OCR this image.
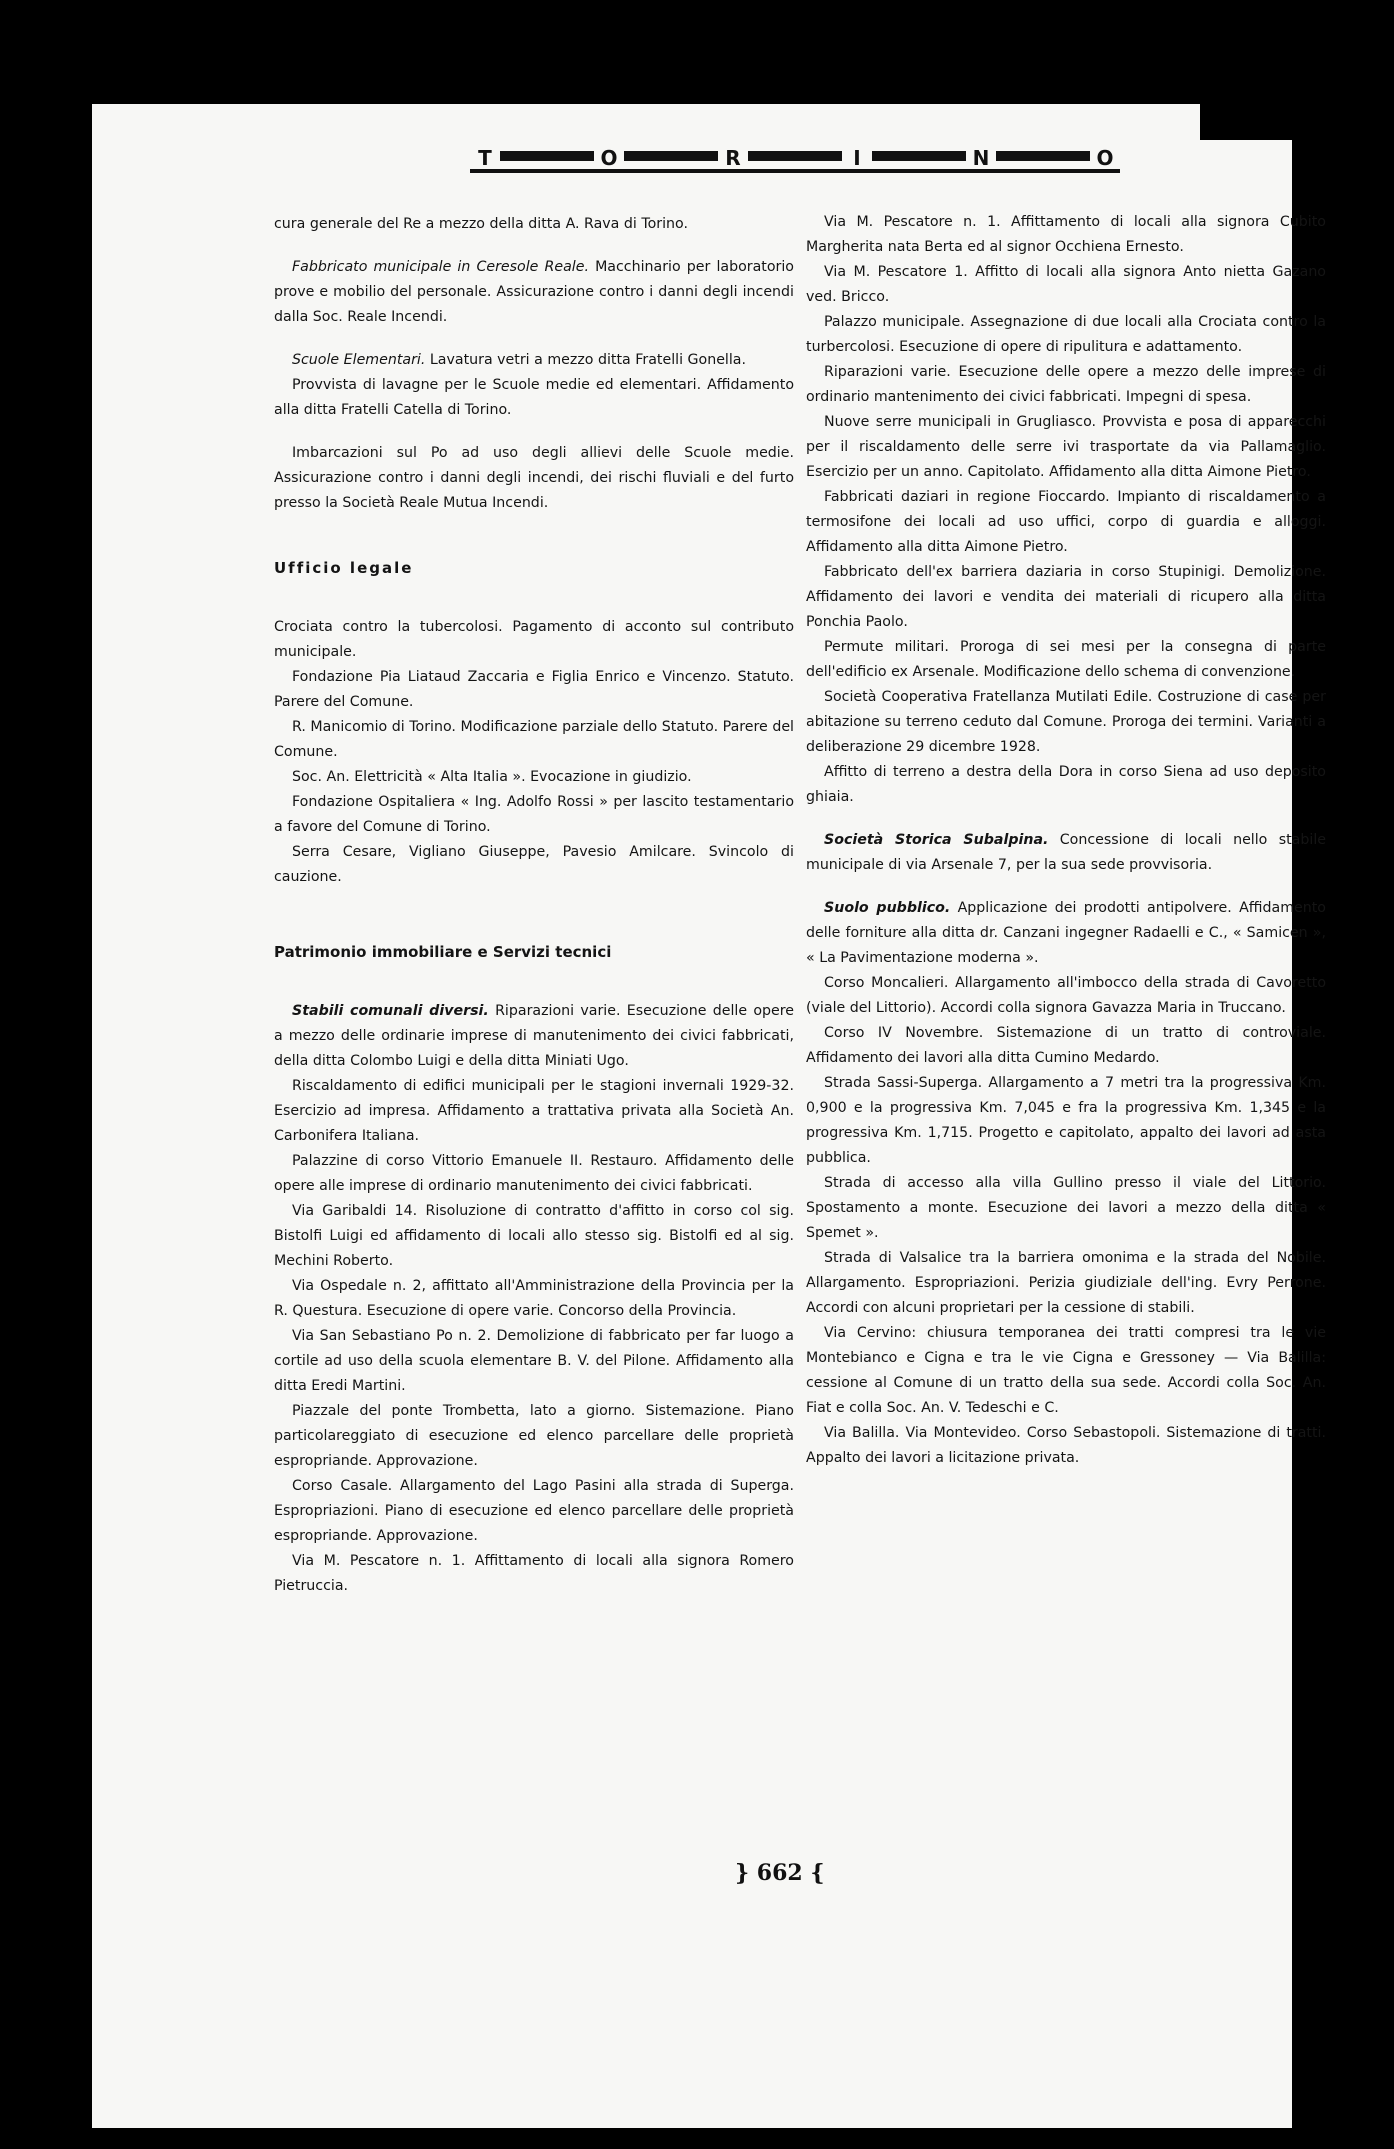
T	O	R	I	N	O

cura generale del Re a mezzo della ditta A. Rava di Torino.

Fabbricato municipale in Ceresole Reale. Macchinario per laboratorio prove e mobilio del personale. Assicurazione contro i danni degli incendi dalla Soc. Reale Incendi.

Scuole Elementari. Lavatura vetri a mezzo ditta Fratelli Gonella.

Provvista di lavagne per le Scuole medie ed elementari. Affidamento alla ditta Fratelli Catella di Torino.

Imbarcazioni sul Po ad uso degli allievi delle Scuole medie. Assicurazione contro i danni degli incendi, dei rischi fluviali e del furto presso la Società Reale Mutua Incendi.

Ufficio legale

Crociata contro la tubercolosi. Pagamento di acconto sul contributo municipale.

Fondazione Pia Liataud Zaccaria e Figlia Enrico e Vincenzo. Statuto. Parere del Comune.

R. Manicomio di Torino. Modificazione parziale dello Statuto. Parere del Comune.

Soc. An. Elettricità « Alta Italia ». Evocazione in giudizio.

Fondazione Ospitaliera « Ing. Adolfo Rossi » per lascito testamentario a favore del Comune di Torino.

Serra Cesare, Vigliano Giuseppe, Pavesio Amilcare. Svincolo di cauzione.

Patrimonio immobiliare e Servizi tecnici

Stabili comunali diversi. Riparazioni varie. Esecuzione delle opere a mezzo delle ordinarie imprese di manutenimento dei civici fabbricati, della ditta Colombo Luigi e della ditta Miniati Ugo.

Riscaldamento di edifici municipali per le stagioni invernali 1929-32. Esercizio ad impresa. Affidamento a trattativa privata alla Società An. Carbonifera Italiana.

Palazzine di corso Vittorio Emanuele II. Restauro. Affidamento delle opere alle imprese di ordinario manutenimento dei civici fabbricati.

Via Garibaldi 14. Risoluzione di contratto d'affitto in corso col sig. Bistolfi Luigi ed affidamento di locali allo stesso sig. Bistolfi ed al sig. Mechini Roberto.

Via Ospedale n. 2, affittato all'Amministrazione della Provincia per la R. Questura. Esecuzione di opere varie. Concorso della Provincia.

Via San Sebastiano Po n. 2. Demolizione di fabbricato per far luogo a cortile ad uso della scuola elementare B. V. del Pilone. Affidamento alla ditta Eredi Martini.

Piazzale del ponte Trombetta, lato a giorno. Sistemazione. Piano particolareggiato di esecuzione ed elenco parcellare delle proprietà espropriande. Approvazione.

Corso Casale. Allargamento del Lago Pasini alla strada di Superga. Espropriazioni. Piano di esecuzione ed elenco parcellare delle proprietà espropriande. Approvazione.

Via M. Pescatore n. 1. Affittamento di locali alla signora Romero Pietruccia.

Via M. Pescatore n. 1. Affittamento di locali alla signora Cubito Margherita nata Berta ed al signor Occhiena Ernesto.

Via M. Pescatore 1. Affitto di locali alla signora Anto nietta Gazano ved. Bricco.

Palazzo municipale. Assegnazione di due locali alla Crociata contro la turbercolosi. Esecuzione di opere di ripulitura e adattamento.

Riparazioni varie. Esecuzione delle opere a mezzo delle imprese di ordinario mantenimento dei civici fabbricati. Impegni di spesa.

Nuove serre municipali in Grugliasco. Provvista e posa di apparecchi per il riscaldamento delle serre ivi trasportate da via Pallamaglio. Esercizio per un anno. Capitolato. Affidamento alla ditta Aimone Pietro.

Fabbricati daziari in regione Fioccardo. Impianto di riscaldamento a termosifone dei locali ad uso uffici, corpo di guardia e alloggi. Affidamento alla ditta Aimone Pietro.

Fabbricato dell'ex barriera daziaria in corso Stupinigi. Demolizione. Affidamento dei lavori e vendita dei materiali di ricupero alla ditta Ponchia Paolo.

Permute militari. Proroga di sei mesi per la consegna di parte dell'edificio ex Arsenale. Modificazione dello schema di convenzione.

Società Cooperativa Fratellanza Mutilati Edile. Costruzione di case per abitazione su terreno ceduto dal Comune. Proroga dei termini. Varianti a deliberazione 29 dicembre 1928.

Affitto di terreno a destra della Dora in corso Siena ad uso deposito ghiaia.

Società Storica Subalpina. Concessione di locali nello stabile municipale di via Arsenale 7, per la sua sede provvisoria.

Suolo pubblico. Applicazione dei prodotti antipolvere. Affidamento delle forniture alla ditta dr. Canzani ingegner Radaelli e C., « Samicen », « La Pavimentazione moderna ».

Corso Moncalieri. Allargamento all'imbocco della strada di Cavoretto (viale del Littorio). Accordi colla signora Gavazza Maria in Truccano.

Corso IV Novembre. Sistemazione di un tratto di controviale. Affidamento dei lavori alla ditta Cumino Medardo.

Strada Sassi-Superga. Allargamento a 7 metri tra la progressiva Km. 0,900 e la progressiva Km. 7,045 e fra la progressiva Km. 1,345 e la progressiva Km. 1,715. Progetto e capitolato, appalto dei lavori ad asta pubblica.

Strada di accesso alla villa Gullino presso il viale del Littorio. Spostamento a monte. Esecuzione dei lavori a mezzo della ditta « Spemet ».

Strada di Valsalice tra la barriera omonima e la strada del Nobile. Allargamento. Espropriazioni. Perizia giudiziale dell'ing. Evry Perrone. Accordi con alcuni proprietari per la cessione di stabili.

Via Cervino: chiusura temporanea dei tratti compresi tra le vie Montebianco e Cigna e tra le vie Cigna e Gressoney — Via Balilla: cessione al Comune di un tratto della sua sede. Accordi colla Soc. An. Fiat e colla Soc. An. V. Tedeschi e C.

Via Balilla. Via Montevideo. Corso Sebastopoli. Sistemazione di tratti. Appalto dei lavori a licitazione privata.

} 662 {
